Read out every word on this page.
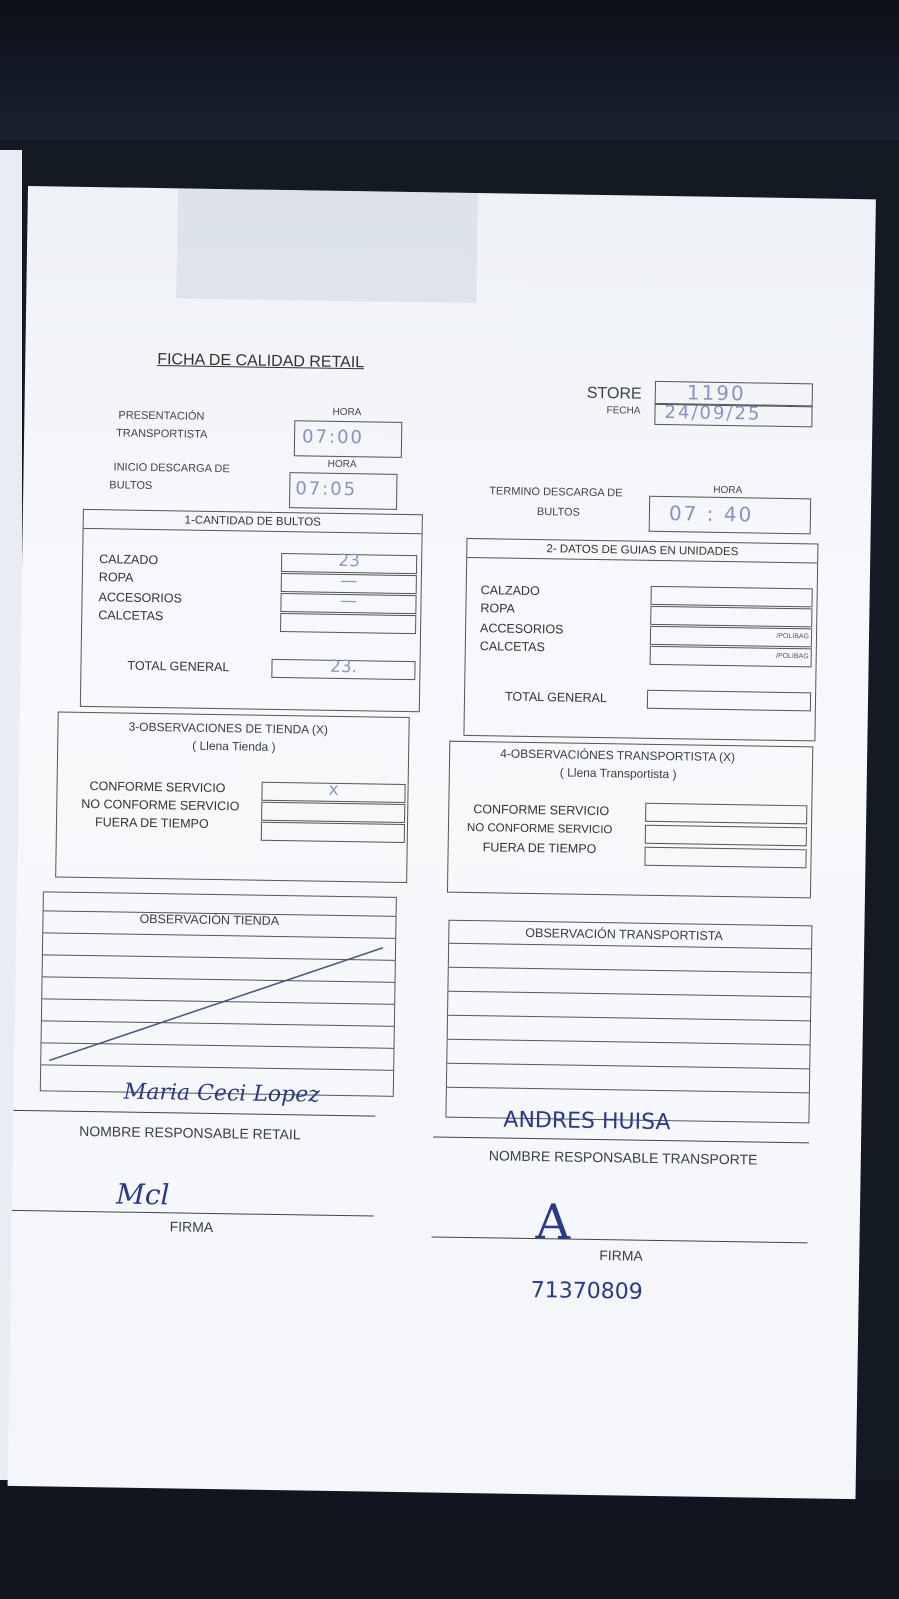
FICHA DE CALIDAD RETAIL
STORE 1190
FECHA 24/09/25
PRESENTACIÓN
TRANSPORTISTA
HORA
07:00
INICIO DESCARGA DE
BULTOS
HORA
07:05	TERMINO DESCARGA DE
BULTOS
HORA
07 : 40
1-CANTIDAD DE BULTOS
CALZADO
ROPA
ACCESORIOS
CALCETAS
23
—
—
TOTAL GENERAL	23.
2- DATOS DE GUIAS EN UNIDADES
CALZADO
ROPA
ACCESORIOS
CALCETAS
/POLIBAG
/POLIBAG
TOTAL GENERAL
3-OBSERVACIONES DE TIENDA (X)
( Llena Tienda )
CONFORME SERVICIO
NO CONFORME SERVICIO
FUERA DE TIEMPO
x
4-OBSERVACIÓNES TRANSPORTISTA (X)
( Llena Transportista )
CONFORME SERVICIO
NO CONFORME SERVICIO
FUERA DE TIEMPO
OBSERVACIÓN TIENDA
OBSERVACIÓN TRANSPORTISTA
Maria Ceci Lopez
NOMBRE RESPONSABLE RETAIL
Mcl
FIRMA
ANDRES HUISA
NOMBRE RESPONSABLE TRANSPORTE
A
FIRMA
71370809
